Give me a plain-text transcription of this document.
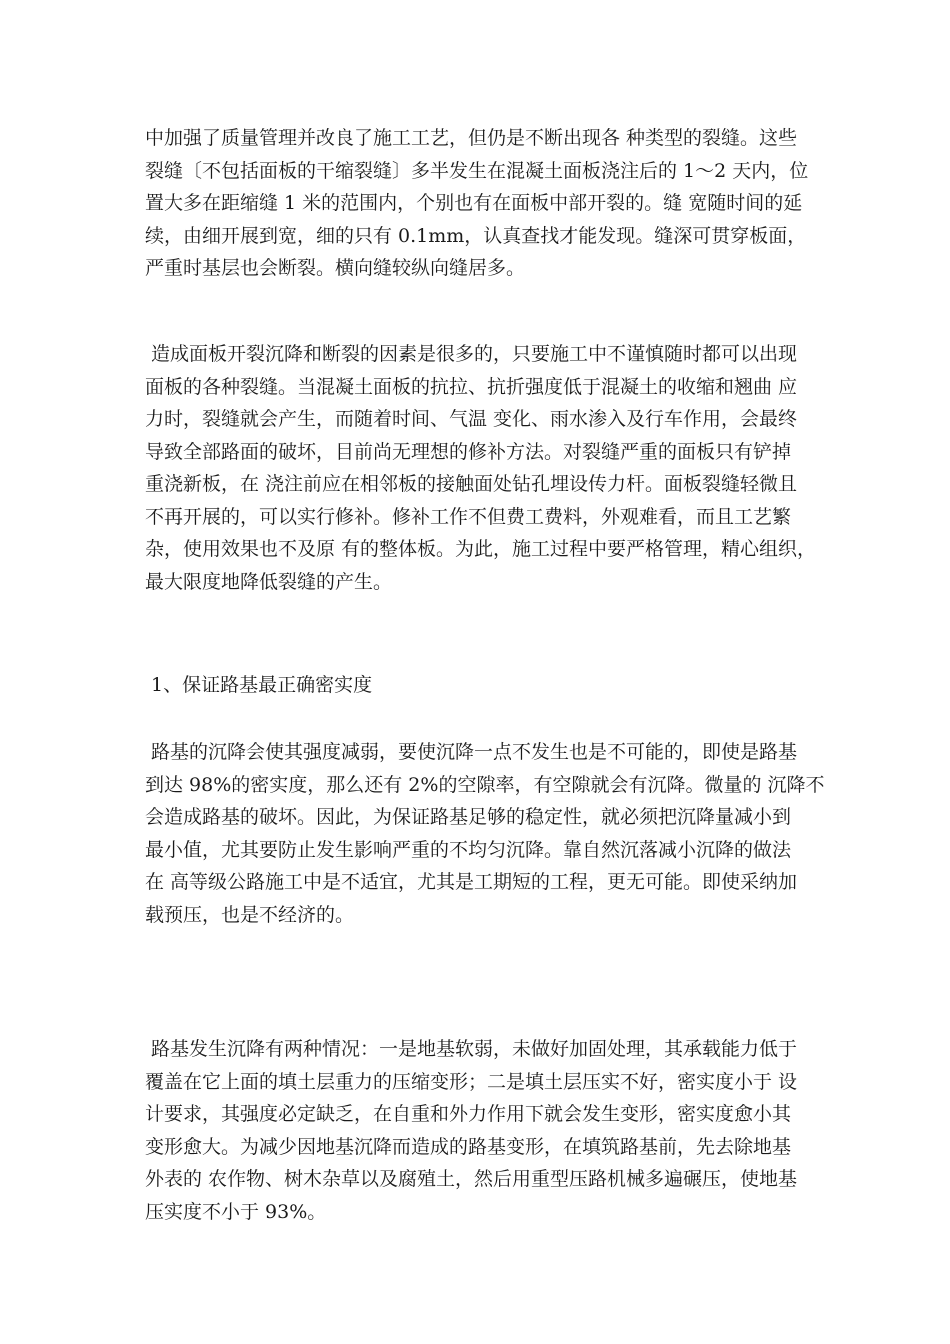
中加强了质量管理并改良了施工工艺，但仍是不断出现各 种类型的裂缝。这些
裂缝〔不包括面板的干缩裂缝〕多半发生在混凝土面板浇注后的 1～2 天内，位
置大多在距缩缝 1 米的范围内，个别也有在面板中部开裂的。缝 宽随时间的延
续，由细开展到宽，细的只有 0.1mm，认真查找才能发现。缝深可贯穿板面，
严重时基层也会断裂。横向缝较纵向缝居多。

造成面板开裂沉降和断裂的因素是很多的，只要施工中不谨慎随时都可以出现
面板的各种裂缝。当混凝土面板的抗拉、抗折强度低于混凝土的收缩和翘曲 应
力时，裂缝就会产生，而随着时间、气温 变化、雨水渗入及行车作用，会最终
导致全部路面的破坏，目前尚无理想的修补方法。对裂缝严重的面板只有铲掉
重浇新板，在 浇注前应在相邻板的接触面处钻孔埋设传力杆。面板裂缝轻微且
不再开展的，可以实行修补。修补工作不但费工费料，外观难看，而且工艺繁
杂，使用效果也不及原 有的整体板。为此，施工过程中要严格管理，精心组织，
最大限度地降低裂缝的产生。

1、保证路基最正确密实度

路基的沉降会使其强度减弱，要使沉降一点不发生也是不可能的，即使是路基
到达 98%的密实度，那么还有 2%的空隙率，有空隙就会有沉降。微量的 沉降不
会造成路基的破坏。因此，为保证路基足够的稳定性，就必须把沉降量减小到
最小值，尤其要防止发生影响严重的不均匀沉降。靠自然沉落减小沉降的做法
在 高等级公路施工中是不适宜，尤其是工期短的工程，更无可能。即使采纳加
载预压，也是不经济的。

路基发生沉降有两种情况：一是地基软弱，未做好加固处理，其承载能力低于
覆盖在它上面的填土层重力的压缩变形；二是填土层压实不好，密实度小于 设
计要求，其强度必定缺乏，在自重和外力作用下就会发生变形，密实度愈小其
变形愈大。为减少因地基沉降而造成的路基变形，在填筑路基前，先去除地基
外表的 农作物、树木杂草以及腐殖土，然后用重型压路机械多遍碾压，使地基
压实度不小于 93%。
